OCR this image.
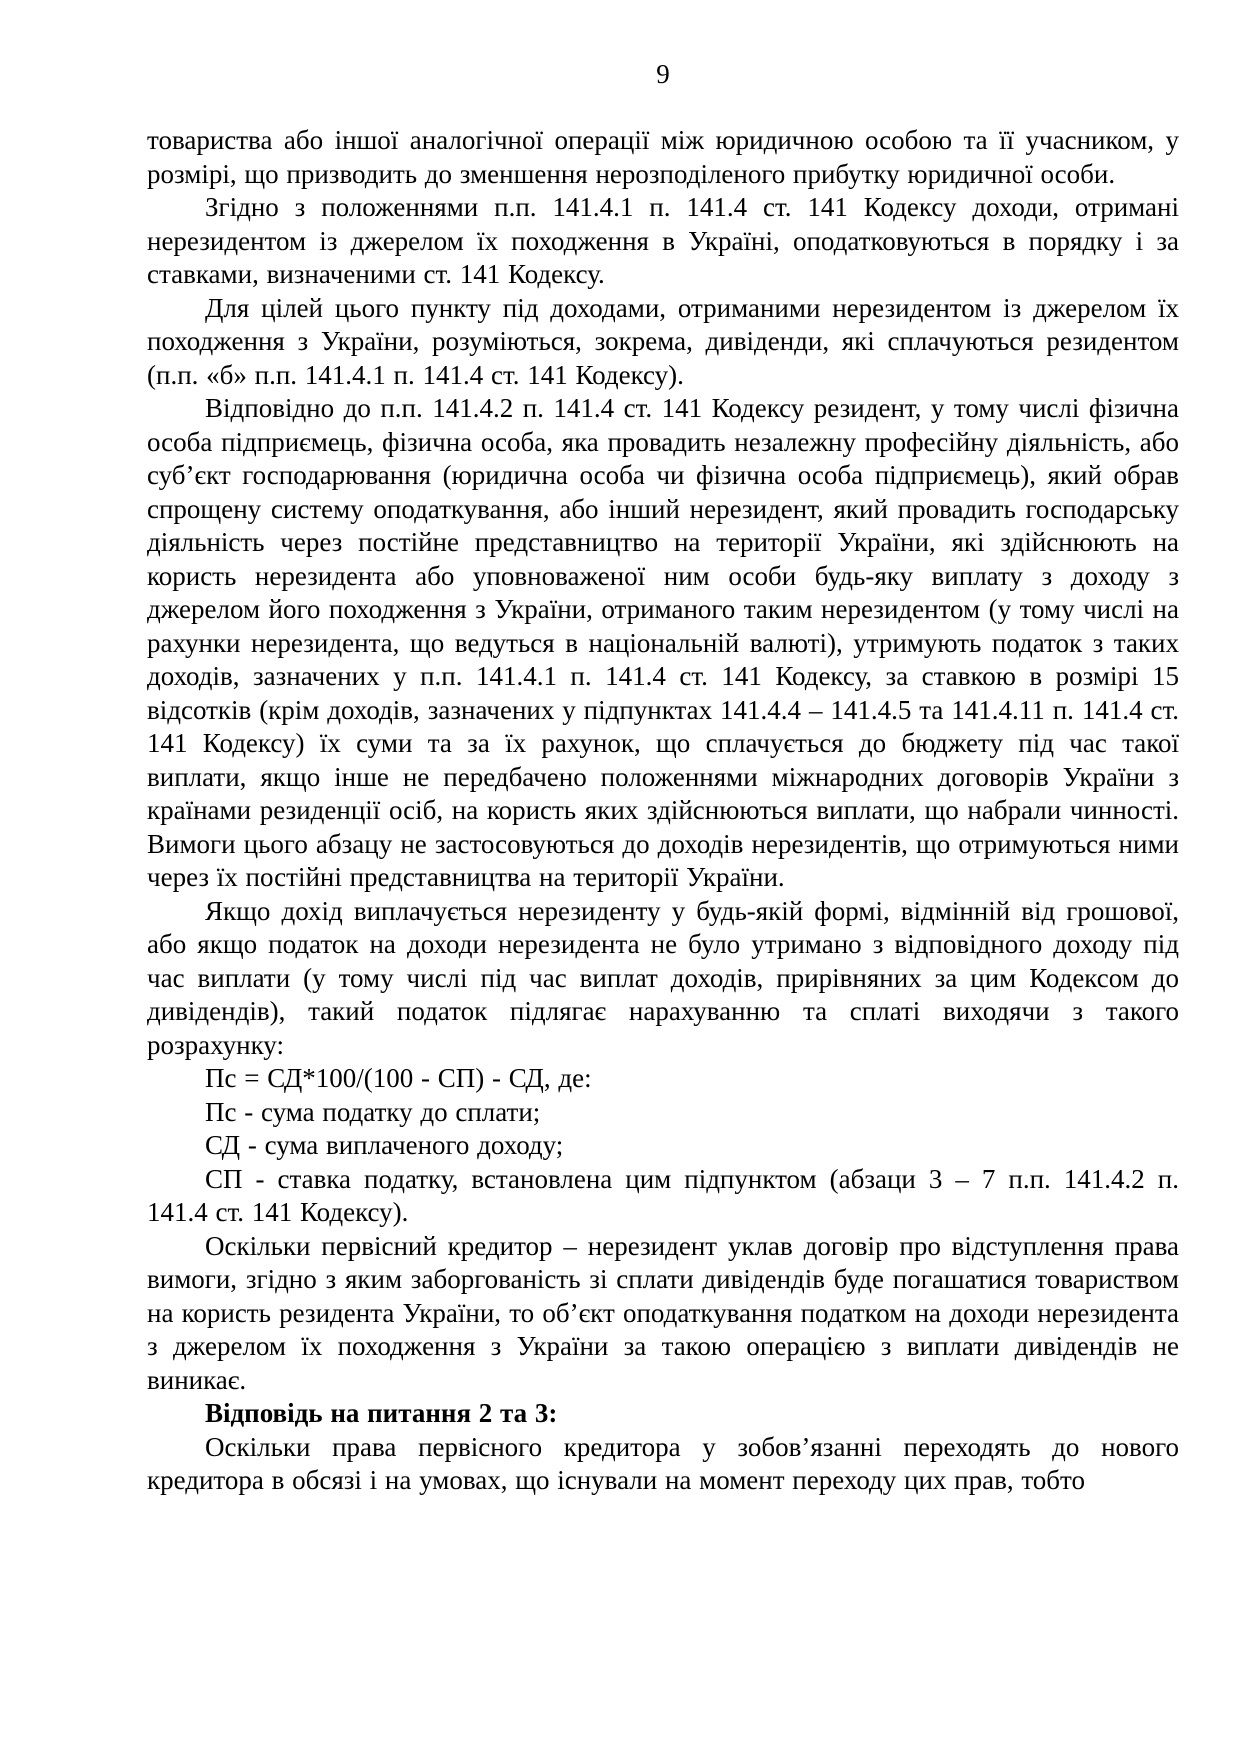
9

товариства або іншої аналогічної операції між юридичною особою та її учасником, у розмірі, що призводить до зменшення нерозподіленого прибутку юридичної особи.

Згідно з положеннями п.п. 141.4.1 п. 141.4 ст. 141 Кодексу доходи, отримані нерезидентом із джерелом їх походження в Україні, оподатковуються в порядку і за ставками, визначеними ст. 141 Кодексу.

Для цілей цього пункту під доходами, отриманими нерезидентом із джерелом їх походження з України, розуміються, зокрема, дивіденди, які сплачуються резидентом (п.п. «б» п.п. 141.4.1 п. 141.4 ст. 141 Кодексу).

Відповідно до п.п. 141.4.2 п. 141.4 ст. 141 Кодексу резидент, у тому числі фізична особа підприємець, фізична особа, яка провадить незалежну професійну діяльність, або суб’єкт господарювання (юридична особа чи фізична особа підприємець), який обрав спрощену систему оподаткування, або інший нерезидент, який провадить господарську діяльність через постійне представництво на території України, які здійснюють на користь нерезидента або уповноваженої ним особи будь-яку виплату з доходу з джерелом його походження з України, отриманого таким нерезидентом (у тому числі на рахунки нерезидента, що ведуться в національній валюті), утримують податок з таких доходів, зазначених у п.п. 141.4.1 п. 141.4 ст. 141 Кодексу, за ставкою в розмірі 15 відсотків (крім доходів, зазначених у підпунктах 141.4.4 – 141.4.5 та 141.4.11 п. 141.4 ст. 141 Кодексу) їх суми та за їх рахунок, що сплачується до бюджету під час такої виплати, якщо інше не передбачено положеннями міжнародних договорів України з країнами резиденції осіб, на користь яких здійснюються виплати, що набрали чинності. Вимоги цього абзацу не застосовуються до доходів нерезидентів, що отримуються ними через їх постійні представництва на території України.

Якщо дохід виплачується нерезиденту у будь-якій формі, відмінній від грошової, або якщо податок на доходи нерезидента не було утримано з відповідного доходу під час виплати (у тому числі під час виплат доходів, прирівняних за цим Кодексом до дивідендів), такий податок підлягає нарахуванню та сплаті виходячи з такого розрахунку:

Пс = СД*100/(100 - СП) - СД, де:

Пс - сума податку до сплати;

СД - сума виплаченого доходу;

СП - ставка податку, встановлена цим підпунктом (абзаци 3 – 7 п.п. 141.4.2 п. 141.4 ст. 141 Кодексу).

Оскільки первісний кредитор – нерезидент уклав договір про відступлення права вимоги, згідно з яким заборгованість зі сплати дивідендів буде погашатися товариством на користь резидента України, то об’єкт оподаткування податком на доходи нерезидента з джерелом їх походження з України за такою операцією з виплати дивідендів не виникає.

Відповідь на питання 2 та 3:

Оскільки права первісного кредитора у зобов’язанні переходять до нового кредитора в обсязі і на умовах, що існували на момент переходу цих прав, тобто
